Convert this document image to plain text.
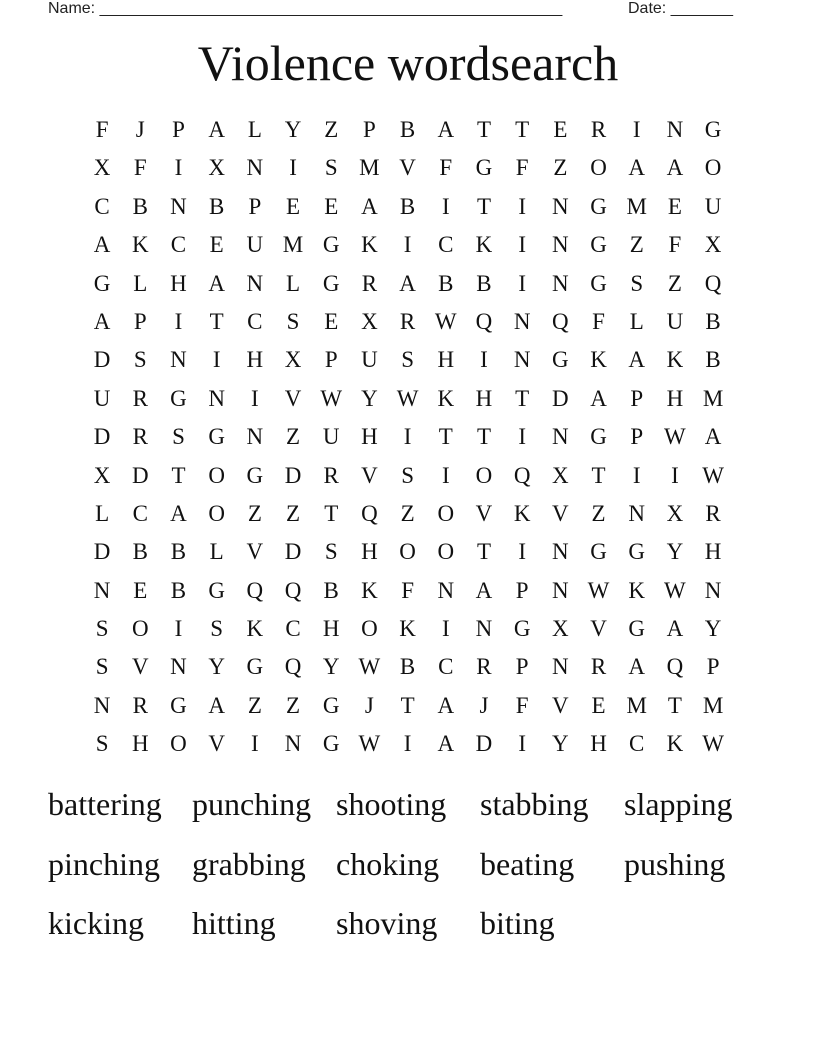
Name: ____________________________________________________	Date: _______
Violence wordsearch
F	J	P	A L Y Z	P	B A T	T	E	R	I	N G
X	F	I	X N	I	S M V	F	G	F	Z O A A O
C B N B	P	E	E A B	I	T	I	N G M E U
A K C	E U M G K	I	C K	I	N G Z	F	X
G L H A N L G R A B B	I	N G	S	Z Q
A	P	I	T	C	S	E X R W Q N Q	F	L U B
D	S	N	I	H X	P	U	S	H	I	N G K A K B
U R G N	I	V W Y W K H T D A	P	H M
D R	S	G N Z U H	I	T	T	I	N G	P W A
X D T O G D R V	S	I	O Q X T	I	I	W
L	C A O Z	Z	T Q Z O V K V Z N X R
D B B	L V D	S	H O O T	I	N G G Y H
N E	B G Q Q B K	F	N A	P	N W K W N
S	O	I	S	K C H O K	I	N G X V G A Y
S	V N Y G Q Y W B C R	P	N R A Q	P
N R G A Z	Z G	J	T A	J	F	V E M T M
S	H O V	I	N G W	I	A D	I	Y H C K W
battering punching shooting stabbing slapping
pinching grabbing choking beating pushing
kicking hitting shoving biting
